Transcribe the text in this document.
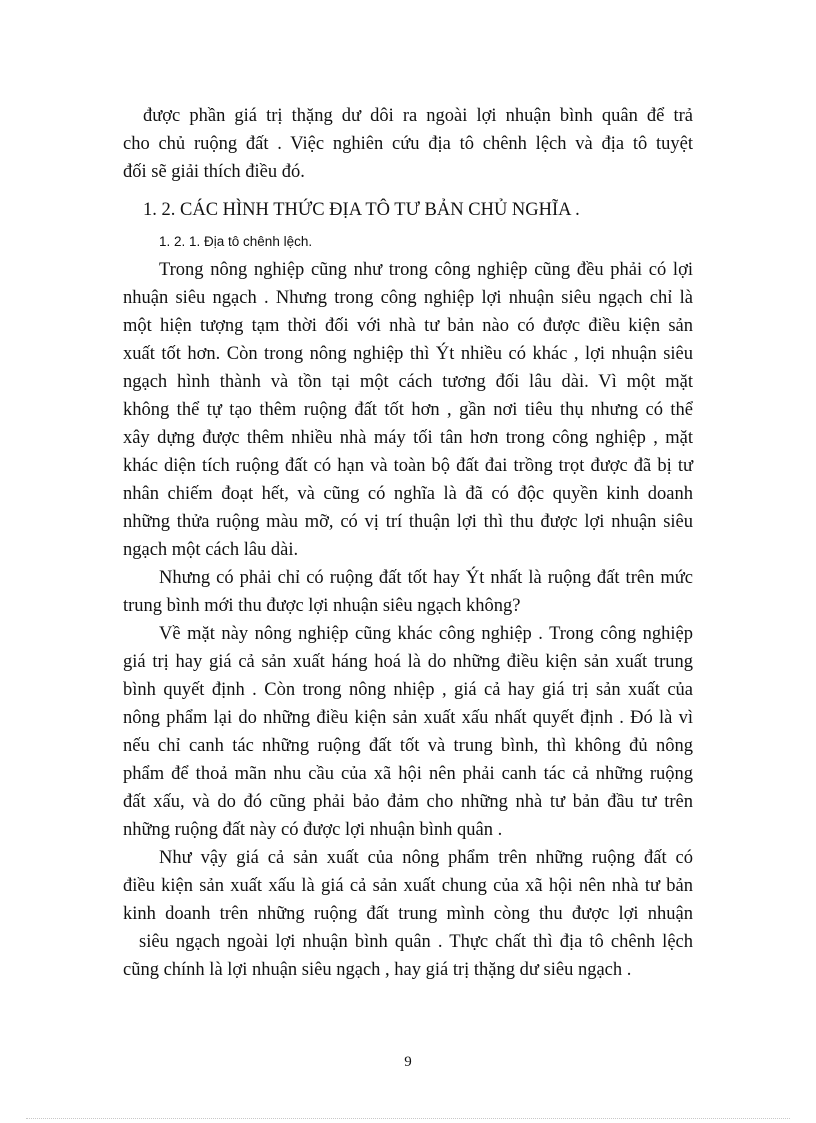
được phần giá trị thặng dư dôi ra ngoài lợi nhuận bình quân để trả
cho chủ ruộng đất . Việc nghiên cứu địa tô chênh lệch và địa tô tuyệt
đối sẽ giải thích điều đó.
1. 2. CÁC HÌNH THỨC ĐỊA TÔ TƯ BẢN CHỦ NGHĨA .
1. 2. 1. Địa tô chênh lệch.
Trong nông nghiệp cũng như trong công nghiệp cũng đều phải có lợi
nhuận siêu ngạch . Nhưng trong công nghiệp lợi nhuận siêu ngạch chỉ là
một hiện tượng tạm thời đối với nhà tư bản nào có được điều kiện sản
xuất tốt hơn. Còn trong nông nghiệp thì Ýt nhiều có khác , lợi nhuận siêu
ngạch hình thành và tồn tại một cách tương đối lâu dài. Vì một mặt
không thể tự tạo thêm ruộng đất tốt hơn , gần nơi tiêu thụ nhưng có thể
xây dựng được thêm nhiều nhà máy tối tân hơn trong công nghiệp , mặt
khác diện tích ruộng đất có hạn và toàn bộ đất đai trồng trọt được đã bị tư
nhân chiếm đoạt hết, và cũng có nghĩa là đã có độc quyền kinh doanh
những thửa ruộng màu mỡ, có vị trí thuận lợi thì thu được lợi nhuận siêu
ngạch một cách lâu dài.
Nhưng có phải chỉ có ruộng đất tốt hay Ýt nhất là ruộng đất trên mức
trung bình mới thu được lợi nhuận siêu ngạch không?
Về mặt này nông nghiệp cũng khác công nghiệp . Trong công nghiệp
giá trị hay giá cả sản xuất háng hoá là do những điều kiện sản xuất trung
bình quyết định . Còn trong nông nhiệp , giá cả hay giá trị sản xuất của
nông phẩm lại do những điều kiện sản xuất xấu nhất quyết định . Đó là vì
nếu chỉ canh tác những ruộng đất tốt và trung bình, thì không đủ nông
phẩm để thoả mãn nhu cầu của xã hội nên phải canh tác cả những ruộng
đất xấu, và do đó cũng phải bảo đảm cho những nhà tư bản đầu tư trên
những ruộng đất này có được lợi nhuận bình quân .
Như vậy giá cả sản xuất của nông phẩm trên những ruộng đất có
điều kiện sản xuất xấu là giá cả sản xuất chung của xã hội nên nhà tư bản
kinh doanh trên những ruộng đất trung mình còng thu được lợi nhuận
siêu ngạch ngoài lợi nhuận bình quân . Thực chất thì địa tô chênh lệch
cũng chính là lợi nhuận siêu ngạch , hay giá trị thặng dư siêu ngạch .
9
